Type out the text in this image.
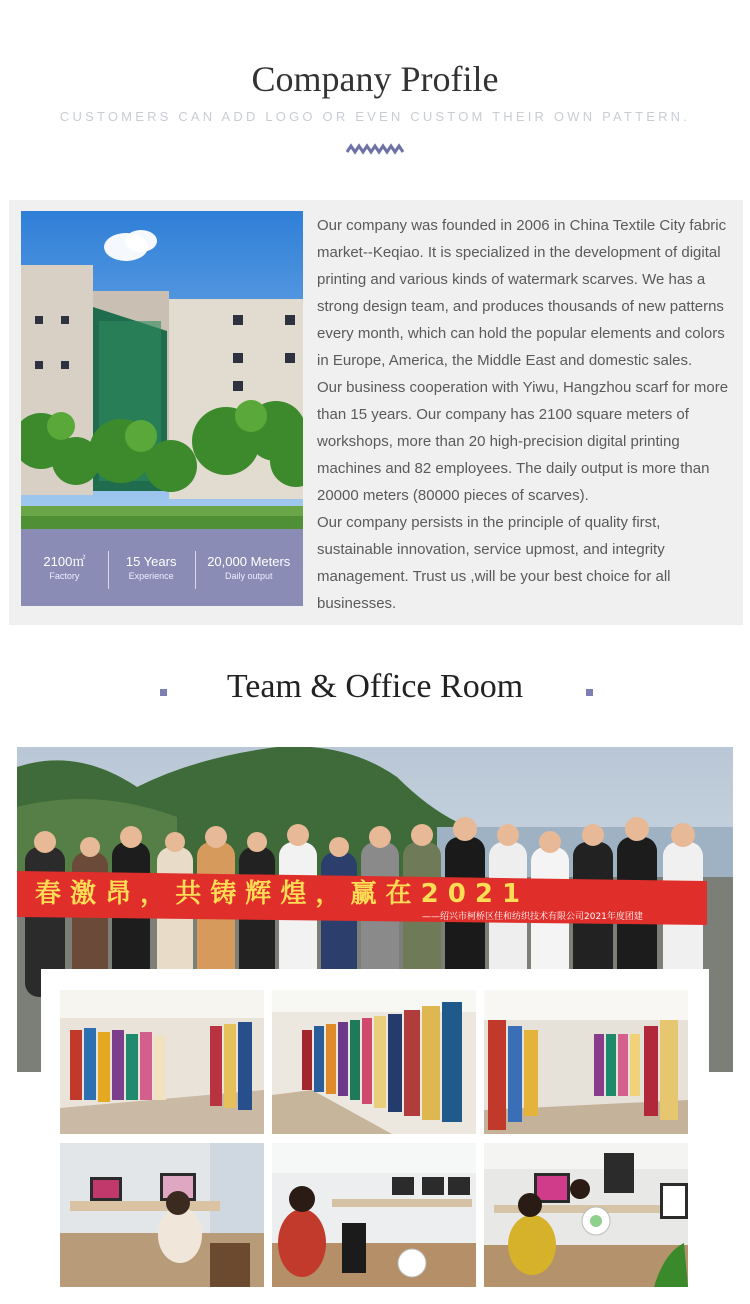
Company Profile
CUSTOMERS CAN ADD LOGO OR EVEN CUSTOM THEIR OWN PATTERN.
2100㎡
Factory
15 Years
Experience
20,000 Meters
Daily output

Our company was founded in 2006 in China Textile City fabric market--Keqiao. It is specialized in the development of digital printing and various kinds of watermark scarves. We has a strong design team, and produces thousands of new patterns every month, which can hold the popular elements and colors in Europe, America, the Middle East and domestic sales.

Our business cooperation with Yiwu, Hangzhou scarf for more than 15 years. Our company has 2100 square meters of workshops, more than 20 high-precision digital printing machines and 82 employees. The daily output is more than 20000 meters (80000 pieces of scarves).

Our company persists in the principle of quality first, sustainable innovation, service upmost, and integrity management. Trust us ,will be your best choice for all businesses.

Team & Office Room
春 激 昂 ， 共 铸 辉 煌 ， 赢 在 2 0 2 1
——绍兴市柯桥区佳和纺织技术有限公司2021年度团建
